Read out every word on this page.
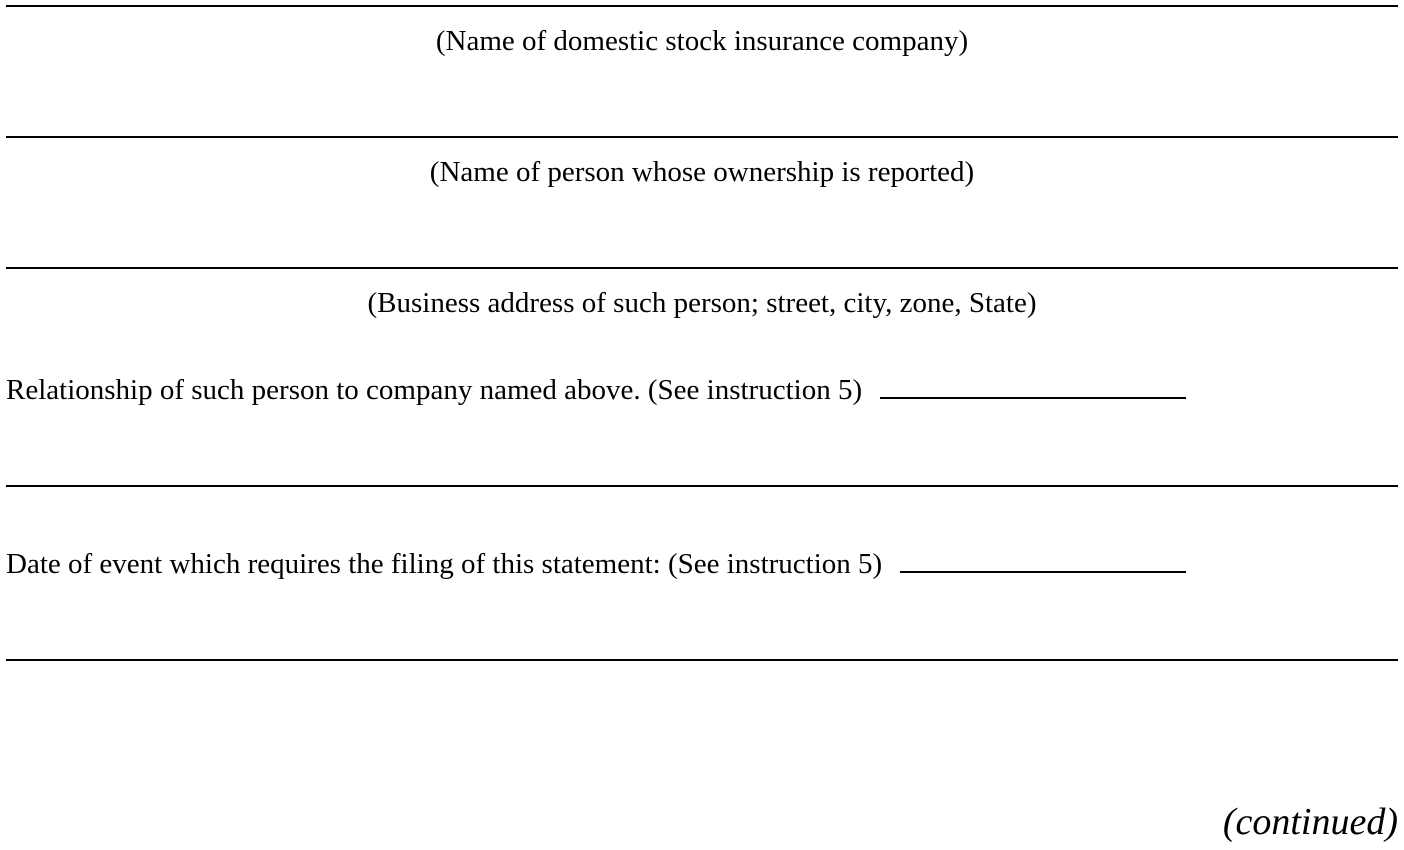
(Name of domestic stock insurance company)
(Name of person whose ownership is reported)
(Business address of such person; street, city, zone, State)
Relationship of such person to company named above. (See instruction 5)
Date of event which requires the filing of this statement: (See instruction 5)
(continued)
